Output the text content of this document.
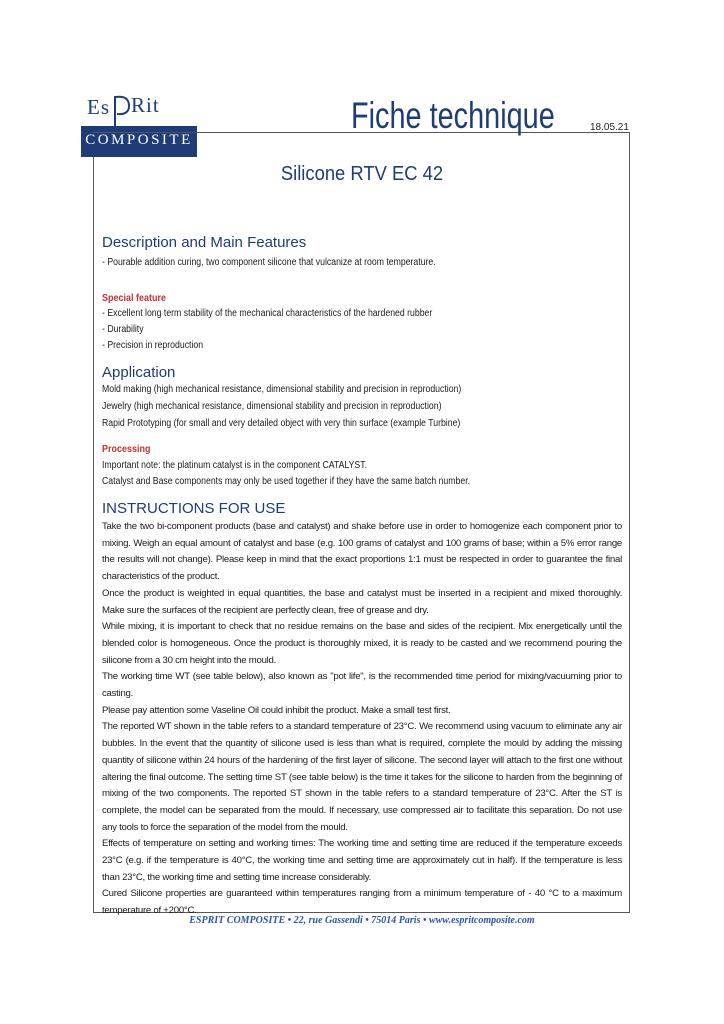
Es Rit
COMPOSITE
Fiche technique	18.05.21
Silicone RTV EC 42
Description and Main Features
- Pourable addition curing, two component silicone that vulcanize at room temperature.
Special feature
- Excellent long term stability of the mechanical characteristics of the hardened rubber
- Durability
- Precision in reproduction
Application
Mold making (high mechanical resistance, dimensional stability and precision in reproduction)
Jewelry (high mechanical resistance, dimensional stability and precision in reproduction)
Rapid Prototyping (for small and very detailed object with very thin surface (example Turbine)
Processing
Important note: the platinum catalyst is in the component CATALYST.
Catalyst and Base components may only be used together if they have the same batch number.
INSTRUCTIONS FOR USE
Take the two bi-component products (base and catalyst) and shake before use in order to homogenize each component prior to mixing. Weigh an equal amount of catalyst and base (e.g. 100 grams of catalyst and 100 grams of base; within a 5% error range the results will not change). Please keep in mind that the exact proportions 1:1 must be respected in order to guarantee the final characteristics of the product.
Once the product is weighted in equal quantities, the base and catalyst must be inserted in a recipient and mixed thoroughly. Make sure the surfaces of the recipient are perfectly clean, free of grease and dry.
While mixing, it is important to check that no residue remains on the base and sides of the recipient. Mix energetically until the blended color is homogeneous. Once the product is thoroughly mixed, it is ready to be casted and we recommend pouring the silicone from a 30 cm height into the mould.
The working time WT (see table below), also known as "pot life", is the recommended time period for mixing/vacuuming prior to casting.
Please pay attention some Vaseline Oil could inhibit the product. Make a small test first.
The reported WT shown in the table refers to a standard temperature of 23°C. We recommend using vacuum to eliminate any air bubbles. In the event that the quantity of silicone used is less than what is required, complete the mould by adding the missing quantity of silicone within 24 hours of the hardening of the first layer of silicone. The second layer will attach to the first one without altering the final outcome. The setting time ST (see table below) is the time it takes for the silicone to harden from the beginning of mixing of the two components. The reported ST shown in the table refers to a standard temperature of 23°C. After the ST is complete, the model can be separated from the mould. If necessary, use compressed air to facilitate this separation. Do not use any tools to force the separation of the model from the mould.
Effects of temperature on setting and working times: The working time and setting time are reduced if the temperature exceeds 23°C (e.g. if the temperature is 40°C, the working time and setting time are approximately cut in half). If the temperature is less than 23°C, the working time and setting time increase considerably.
Cured Silicone properties are guaranteed within temperatures ranging from a minimum temperature of - 40 °C to a maximum temperature of +200°C.
ESPRIT COMPOSITE • 22, rue Gassendi • 75014 Paris • www.espritcomposite.com
